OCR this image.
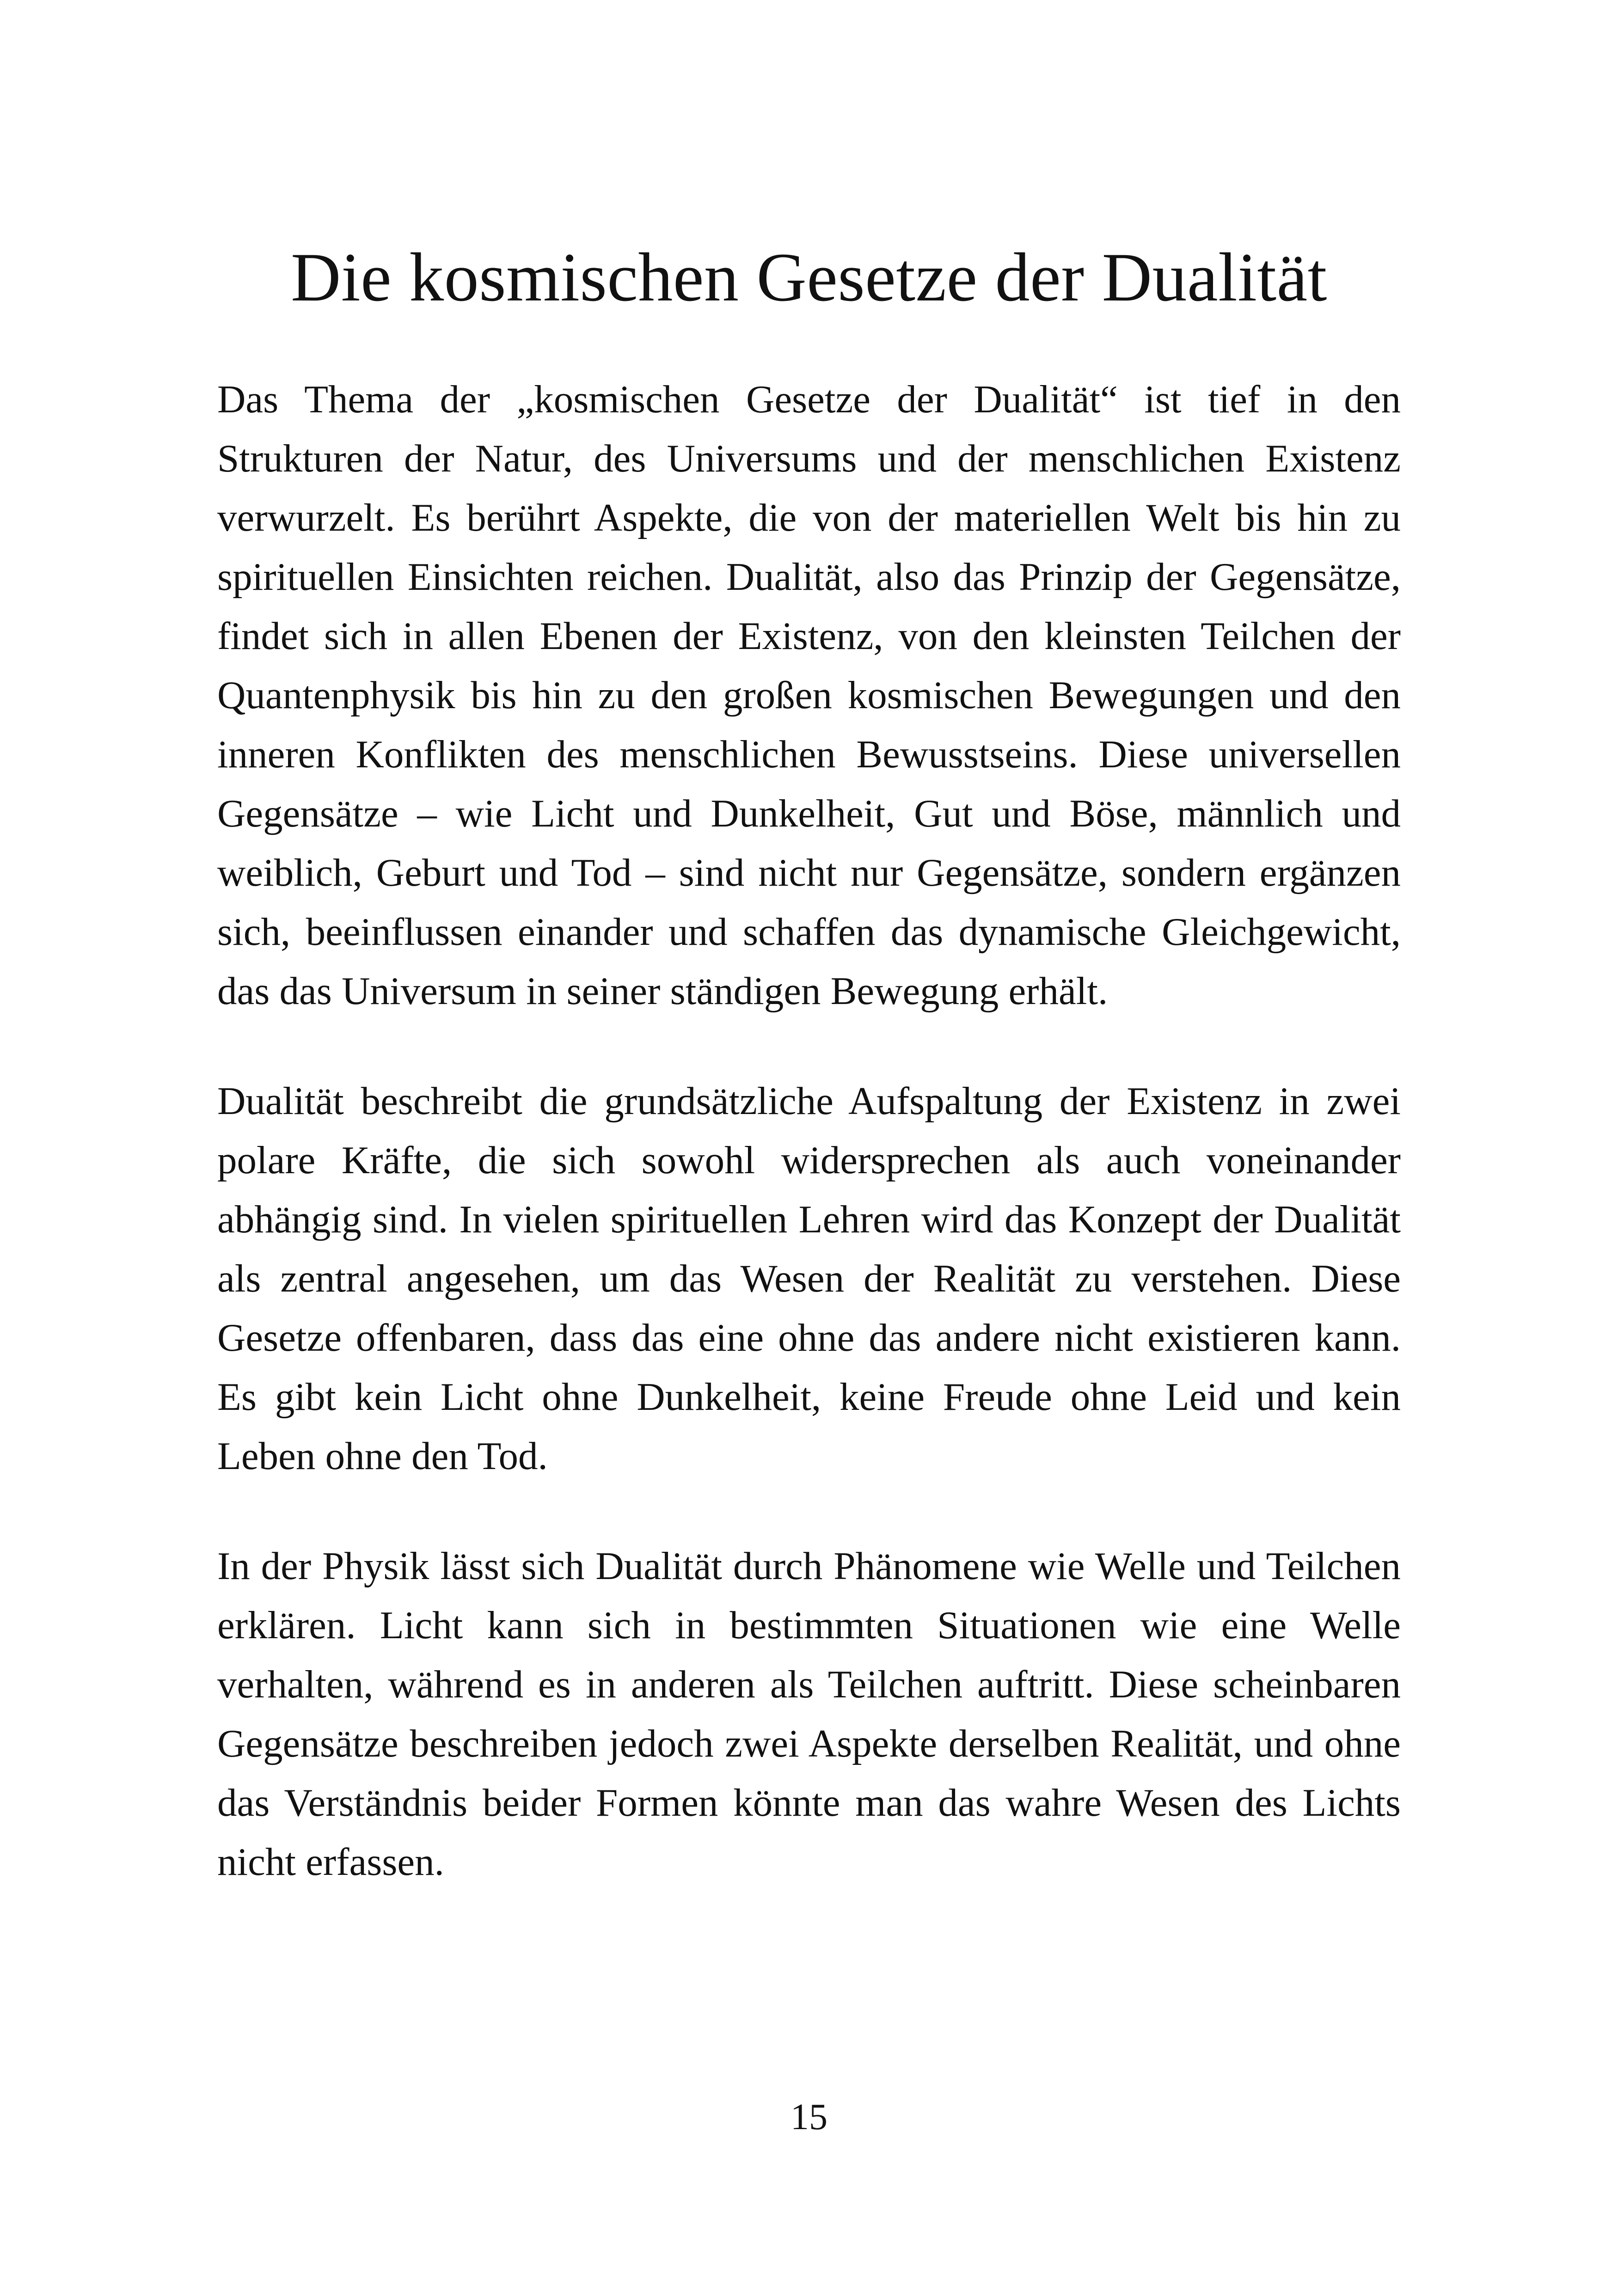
Die kosmischen Gesetze der Dualität

Das Thema der „kosmischen Gesetze der Dualität“ ist tief in den Strukturen der Natur, des Universums und der menschlichen Existenz verwurzelt. Es berührt Aspekte, die von der materiellen Welt bis hin zu spirituellen Einsichten reichen. Dualität, also das Prinzip der Gegensätze, findet sich in allen Ebenen der Existenz, von den kleinsten Teilchen der Quantenphysik bis hin zu den großen kosmischen Bewegungen und den inneren Konflikten des menschlichen Bewusstseins. Diese universellen Gegensätze – wie Licht und Dunkelheit, Gut und Böse, männlich und weiblich, Geburt und Tod – sind nicht nur Gegensätze, sondern ergänzen sich, beeinflussen einander und schaffen das dynamische Gleichgewicht, das das Universum in seiner ständigen Bewegung erhält.

Dualität beschreibt die grundsätzliche Aufspaltung der Existenz in zwei polare Kräfte, die sich sowohl widersprechen als auch voneinander abhängig sind. In vielen spirituellen Lehren wird das Konzept der Dualität als zentral angesehen, um das Wesen der Realität zu verstehen. Diese Gesetze offenbaren, dass das eine ohne das andere nicht existieren kann. Es gibt kein Licht ohne Dunkelheit, keine Freude ohne Leid und kein Leben ohne den Tod.

In der Physik lässt sich Dualität durch Phänomene wie Welle und Teilchen erklären. Licht kann sich in bestimmten Situationen wie eine Welle verhalten, während es in anderen als Teilchen auftritt. Diese scheinbaren Gegensätze beschreiben jedoch zwei Aspekte derselben Realität, und ohne das Verständnis beider Formen könnte man das wahre Wesen des Lichts nicht erfassen.

15
